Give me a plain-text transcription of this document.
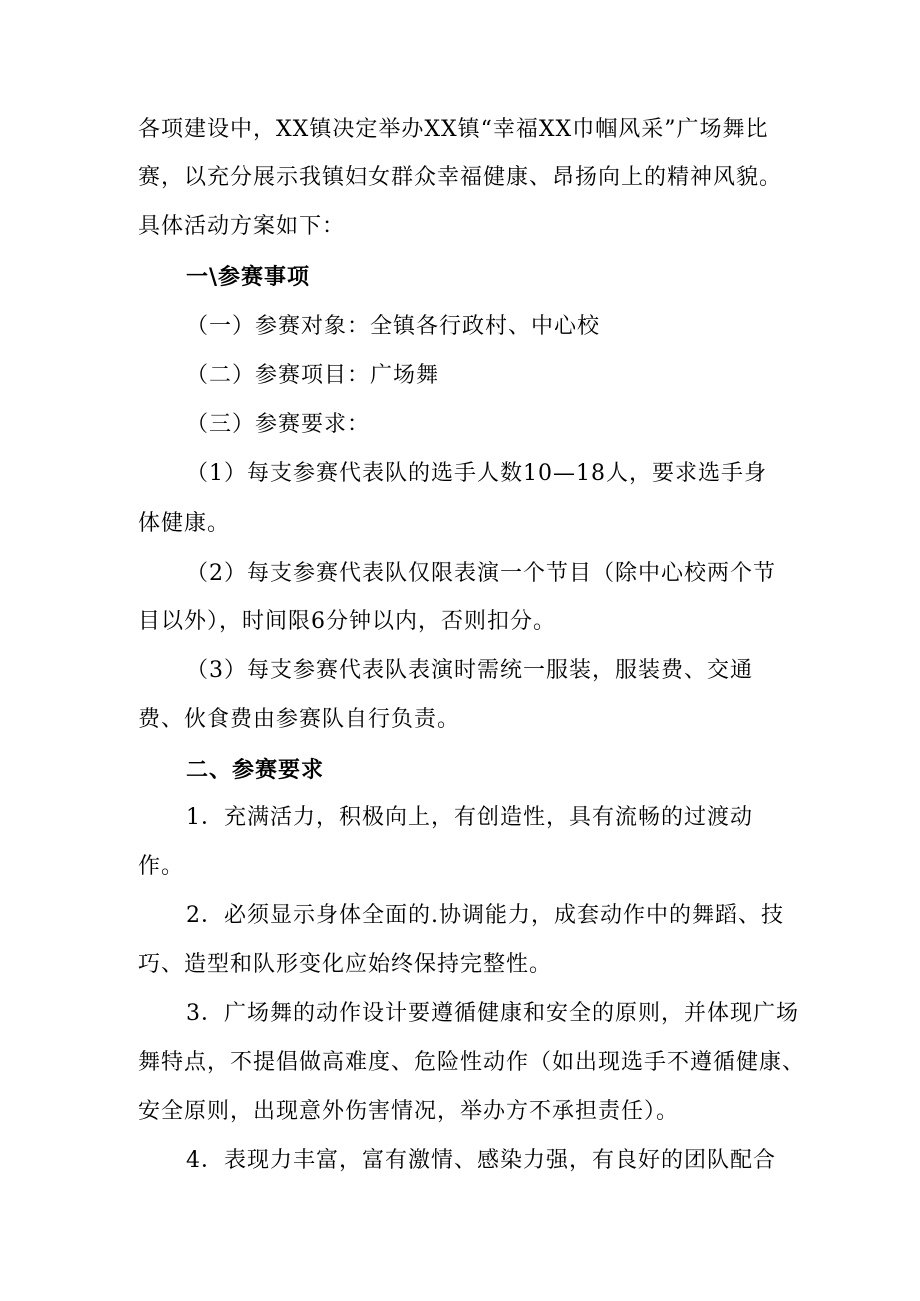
各项建设中，XX镇决定举办XX镇“幸福XX巾帼风采”广场舞比
赛，以充分展示我镇妇女群众幸福健康、昂扬向上的精神风貌。
具体活动方案如下：
一\参赛事项
（一）参赛对象：全镇各行政村、中心校
（二）参赛项目：广场舞
（三）参赛要求：
（1）每支参赛代表队的选手人数10—18人，要求选手身
体健康。
（2）每支参赛代表队仅限表演一个节目（除中心校两个节
目以外），时间限6分钟以内，否则扣分。
（3）每支参赛代表队表演时需统一服装，服装费、交通
费、伙食费由参赛队自行负责。
二、参赛要求
1．充满活力，积极向上，有创造性，具有流畅的过渡动
作。
2．必须显示身体全面的.协调能力，成套动作中的舞蹈、技
巧、造型和队形变化应始终保持完整性。
3．广场舞的动作设计要遵循健康和安全的原则，并体现广场
舞特点，不提倡做高难度、危险性动作（如出现选手不遵循健康、
安全原则，出现意外伤害情况，举办方不承担责任）。
4．表现力丰富，富有激情、感染力强，有良好的团队配合
